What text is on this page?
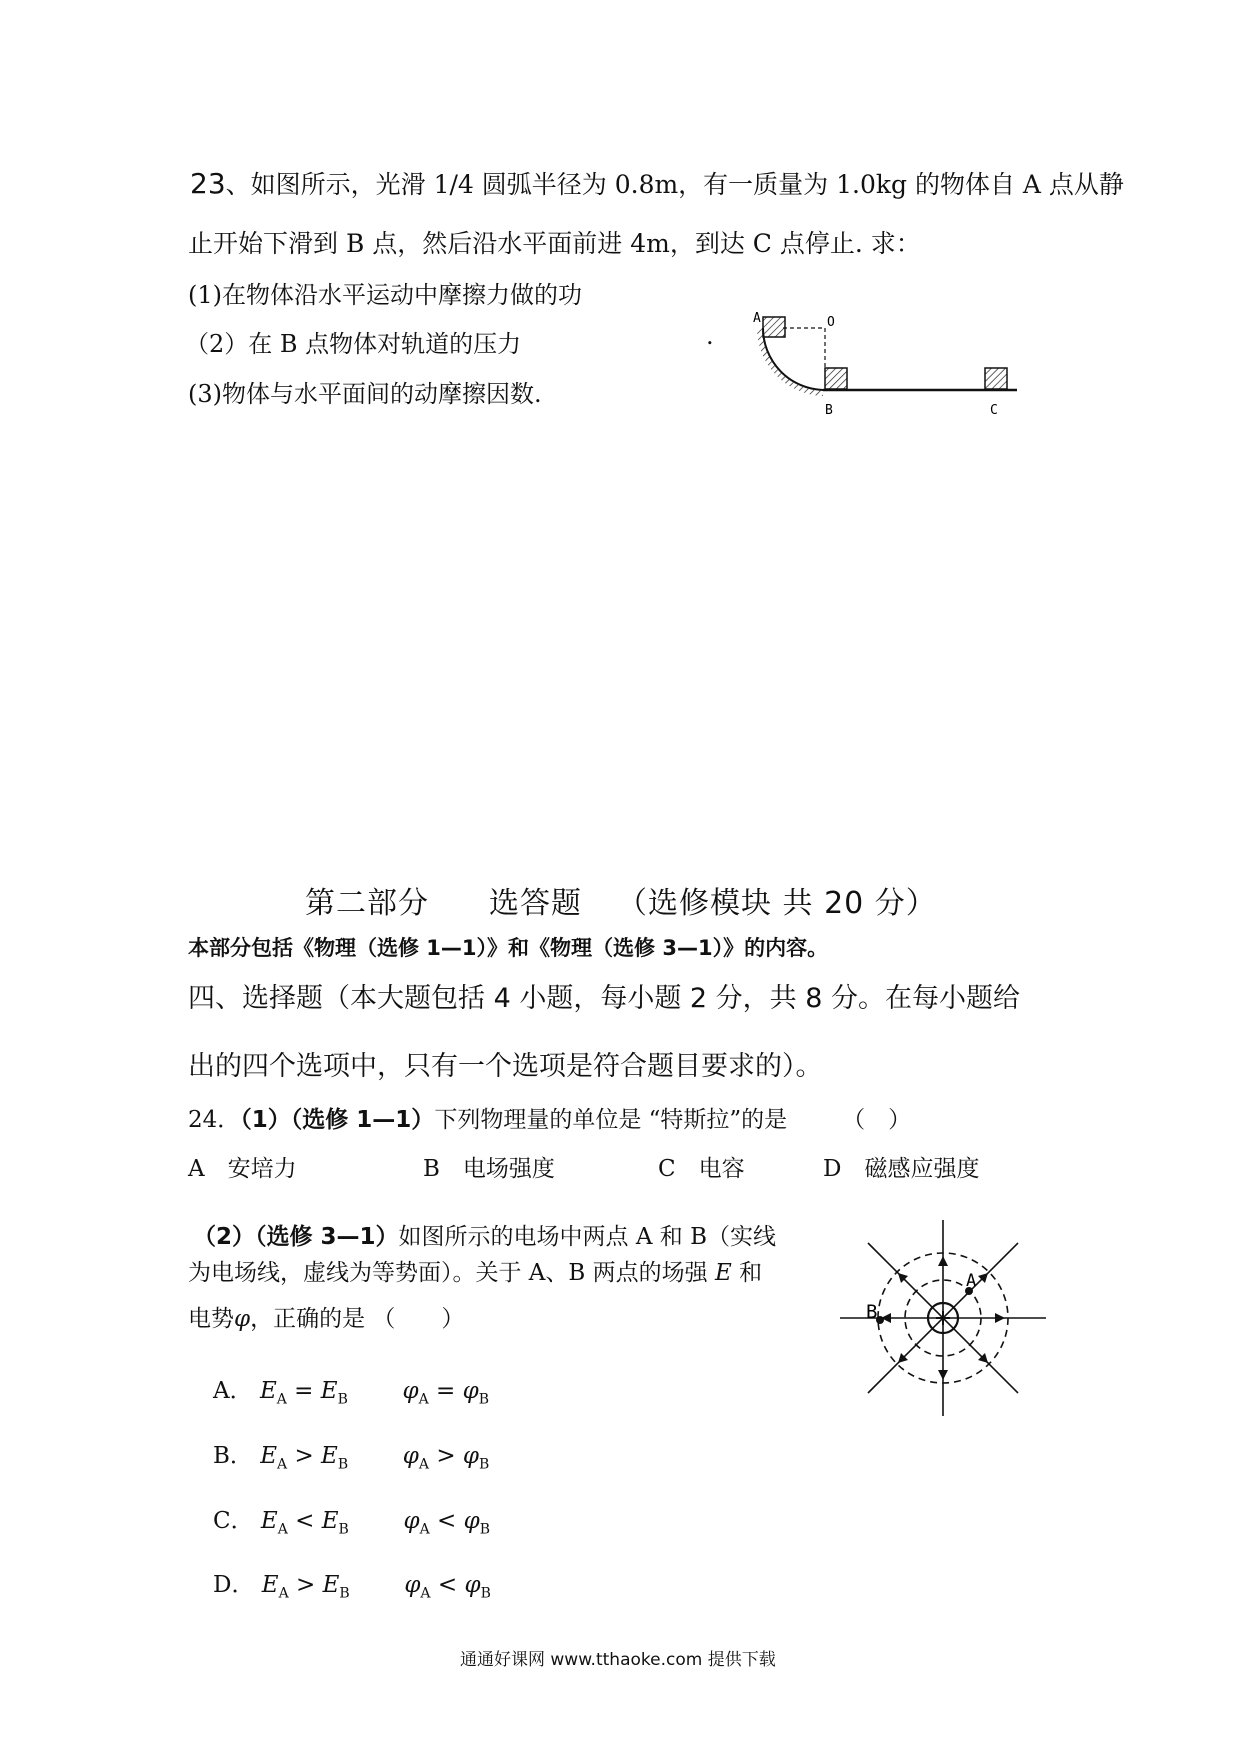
23、如图所示，光滑 1/4 圆弧半径为 0.8m，有一质量为 1.0kg 的物体自 A 点从静
止开始下滑到 B 点，然后沿水平面前进 4m，到达 C 点停止. 求：
(1)在物体沿水平运动中摩擦力做的功
（2）在 B 点物体对轨道的压力	.
(3)物体与水平面间的动摩擦因数.
A	O
B	C
第二部分 选答题 （选修模块 共 20 分）
本部分包括《物理（选修 1—1）》和《物理（选修 3—1）》的内容。
四、选择题（本大题包括 4 小题，每小题 2 分，共 8 分。在每小题给
出的四个选项中，只有一个选项是符合题目要求的）。
24．（1）（选修 1—1）下列物理量的单位是 “特斯拉”的是 （　）
A　安培力	B　电场强度	C　电容	D　磁感应强度
（2）（选修 3—1）如图所示的电场中两点 A 和 B（实线
为电场线，虚线为等势面）。关于 A、B 两点的场强 E 和
电势φ，正确的是 （　　）
A
B
A． $E_A = E_B$ $\varphi_A = \varphi_B$
B． $E_A > E_B$ $\varphi_A > \varphi_B$
C． $E_A < E_B$ $\varphi_A < \varphi_B$
D． $E_A > E_B$ $\varphi_A < \varphi_B$
通通好课网 www.tthaoke.com 提供下载
